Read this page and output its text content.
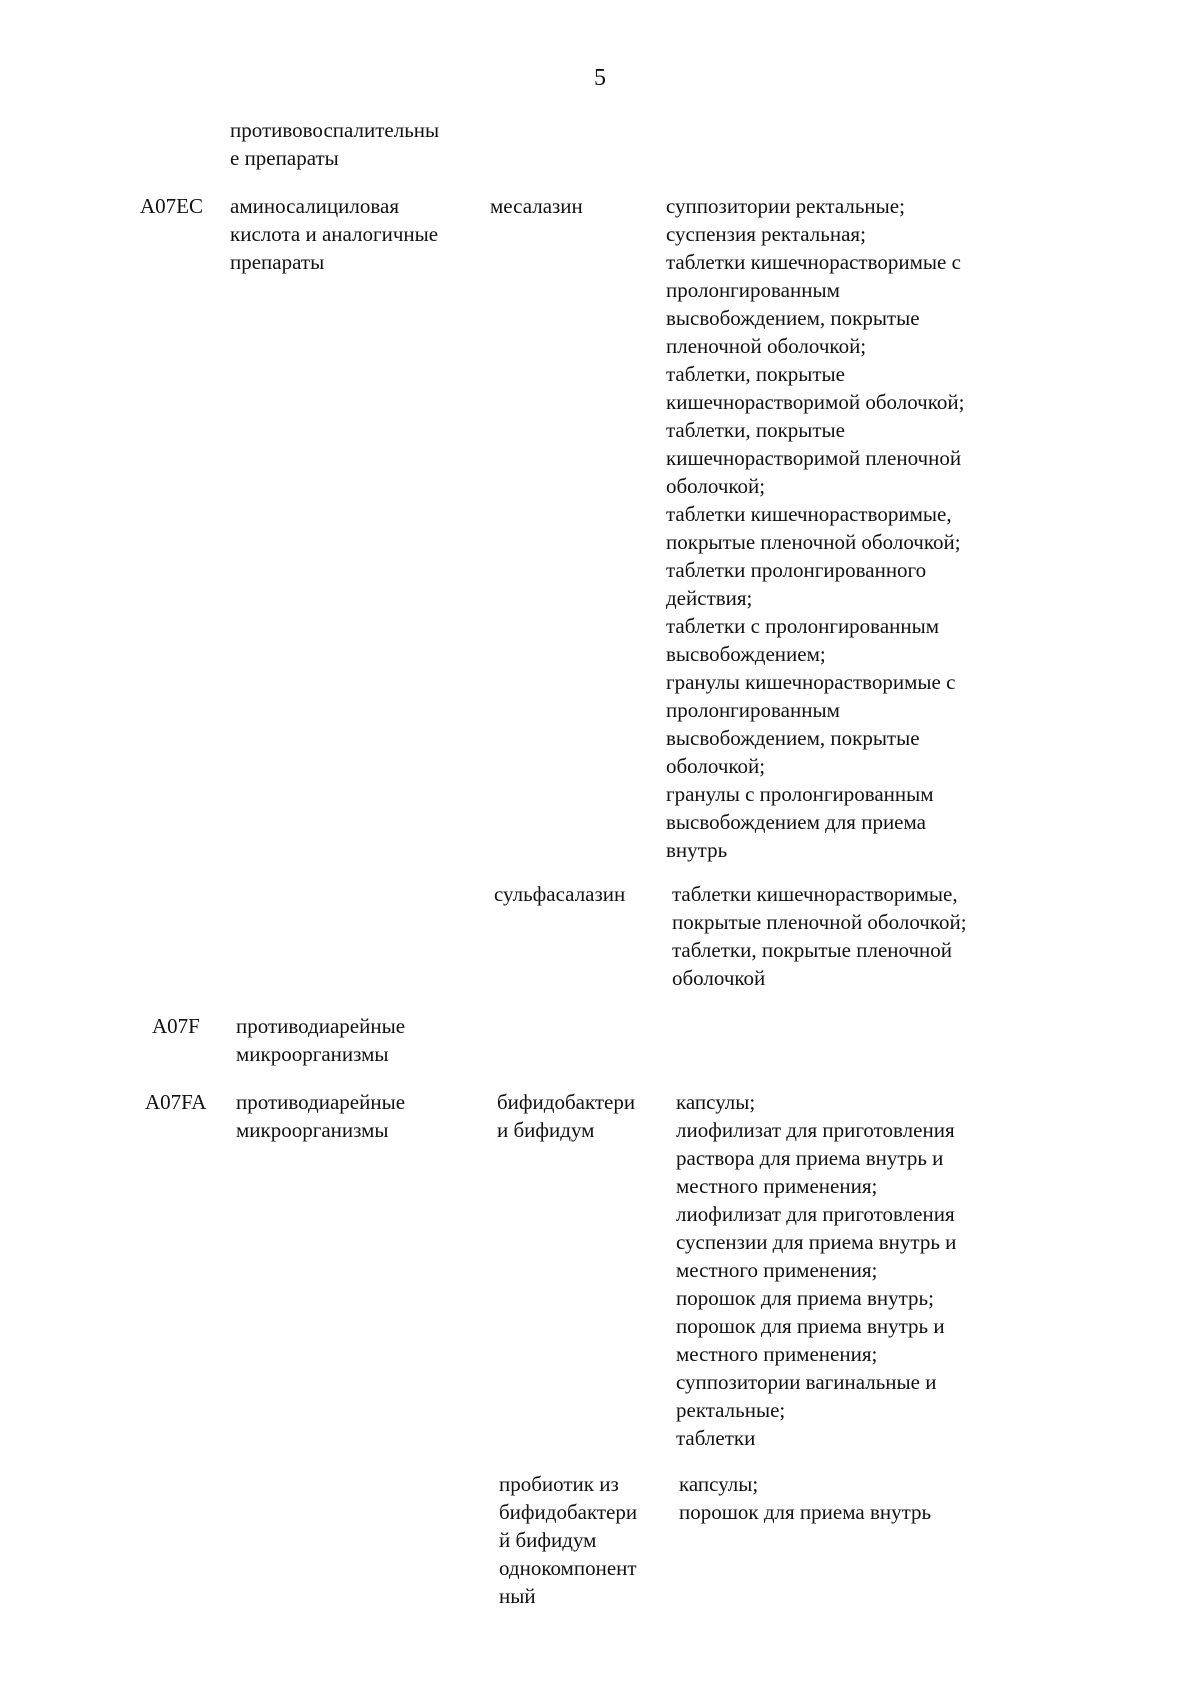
5
противовоспалительны
е препараты
A07EC аминосалициловая
кислота и аналогичные
препараты
месалазин	суппозитории ректальные;
суспензия ректальная;
таблетки кишечнорастворимые с
пролонгированным
высвобождением, покрытые
пленочной оболочкой;
таблетки, покрытые
кишечнорастворимой оболочкой;
таблетки, покрытые
кишечнорастворимой пленочной
оболочкой;
таблетки кишечнорастворимые,
покрытые пленочной оболочкой;
таблетки пролонгированного
действия;
таблетки с пролонгированным
высвобождением;
гранулы кишечнорастворимые с
пролонгированным
высвобождением, покрытые
оболочкой;
гранулы с пролонгированным
высвобождением для приема
внутрь
сульфасалазин таблетки кишечнорастворимые,
покрытые пленочной оболочкой;
таблетки, покрытые пленочной
оболочкой
A07F противодиарейные
микроорганизмы
A07FA противодиарейные
микроорганизмы
бифидобактери
и бифидум
капсулы;
лиофилизат для приготовления
раствора для приема внутрь и
местного применения;
лиофилизат для приготовления
суспензии для приема внутрь и
местного применения;
порошок для приема внутрь;
порошок для приема внутрь и
местного применения;
суппозитории вагинальные и
ректальные;
таблетки
пробиотик из
бифидобактери
й бифидум
однокомпонент
ный
капсулы;
порошок для приема внутрь
